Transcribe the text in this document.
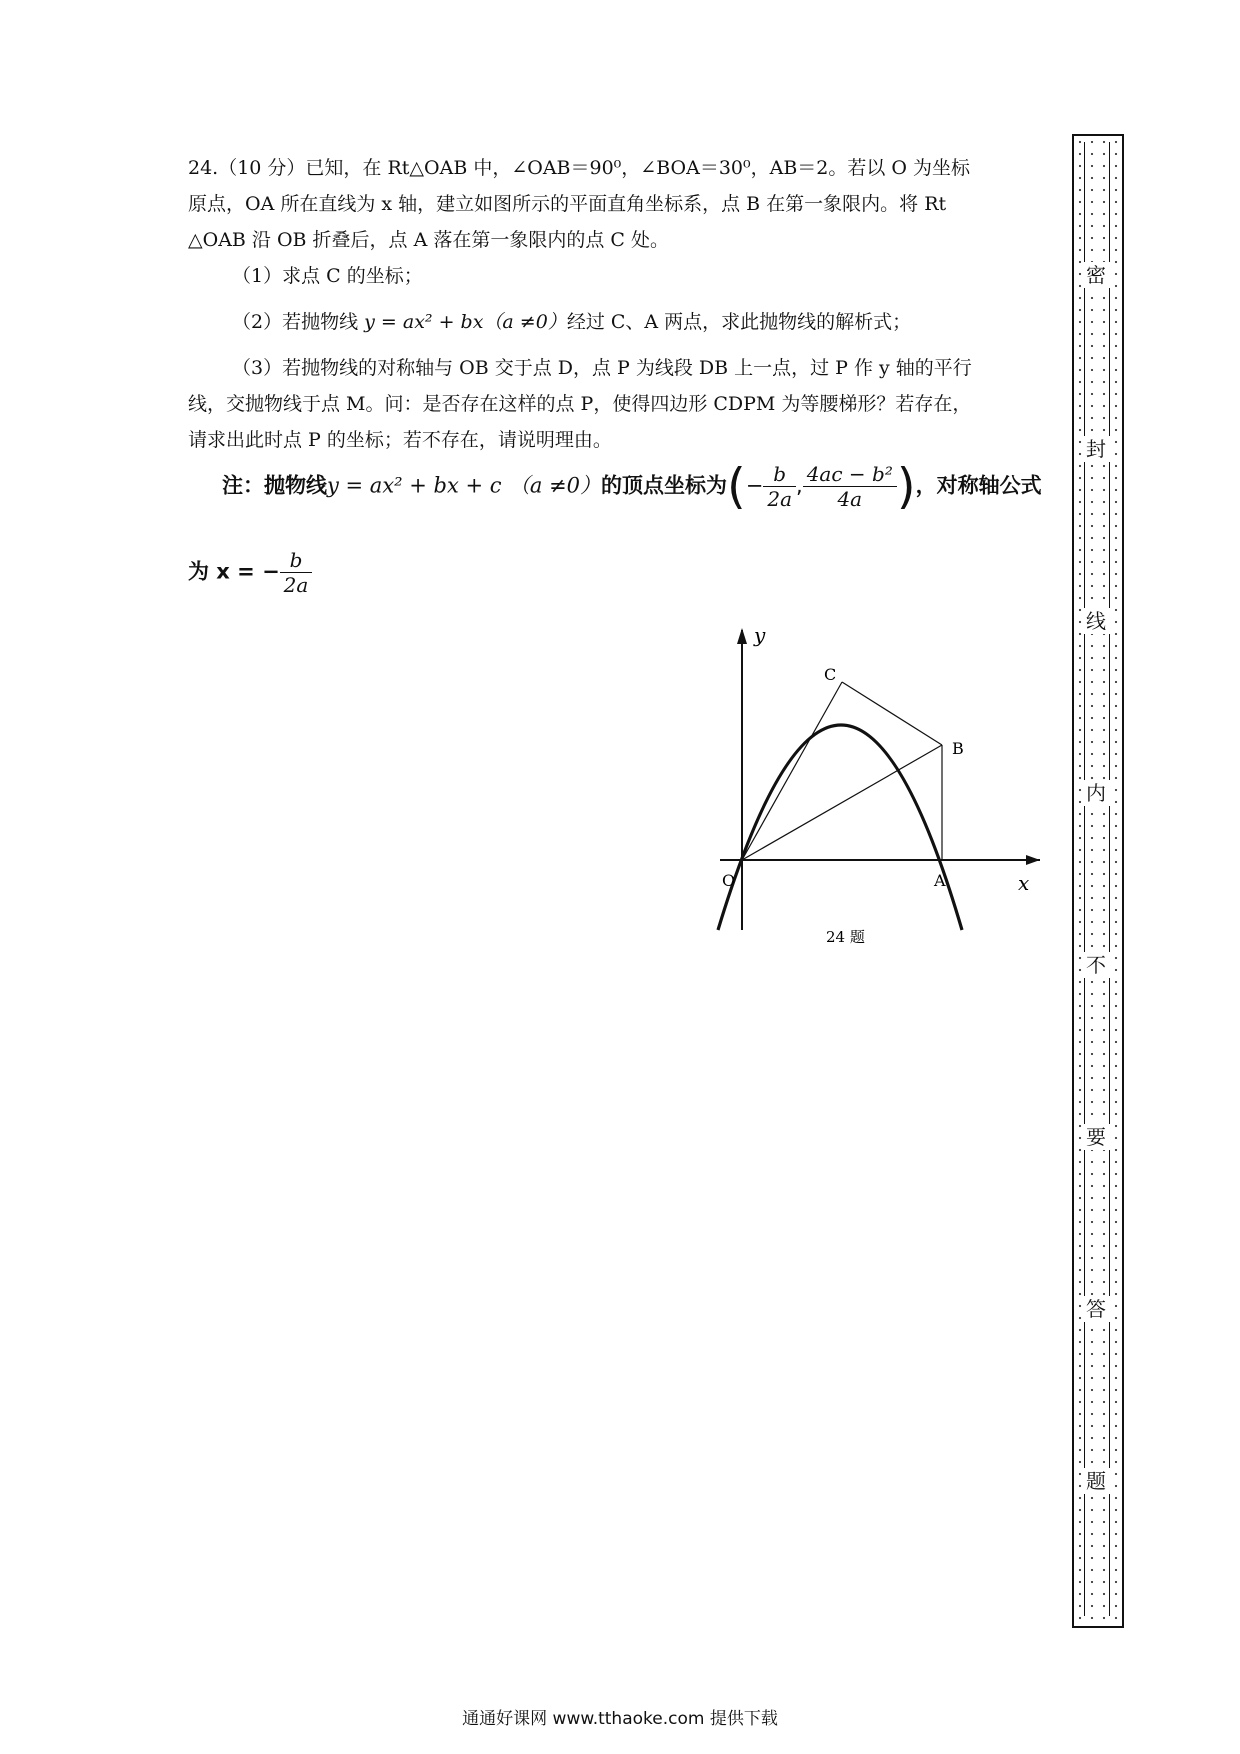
24.（10 分）已知，在 Rt△OAB 中，∠OAB＝90⁰，∠BOA＝30⁰，AB＝2。若以 O 为坐标

原点，OA 所在直线为 x 轴，建立如图所示的平面直角坐标系，点 B 在第一象限内。将 Rt

△OAB 沿 OB 折叠后，点 A 落在第一象限内的点 C 处。

（1）求点 C 的坐标；

（2）若抛物线 y = ax² + bx（a ≠0）经过 C、A 两点，求此抛物线的解析式；

（3）若抛物线的对称轴与 OB 交于点 D，点 P 为线段 DB 上一点，过 P 作 y 轴的平行

线，交抛物线于点 M。问：是否存在这样的点 P，使得四边形 CDPM 为等腰梯形？若存在，

请求出此时点 P 的坐标；若不存在，请说明理由。

注：抛物线y = ax² + bx + c （a ≠0）的顶点坐标为(− $\frac{b}{2a}$ , $\frac{\text{4ac − b²}}{4a}$ )，对称轴公式
为 x = − $\frac{b}{2a}$
y
x
O	A
B
C
24 题
密
封
线
内
不
要
答
题
通通好课网 www.tthaoke.com 提供下载
